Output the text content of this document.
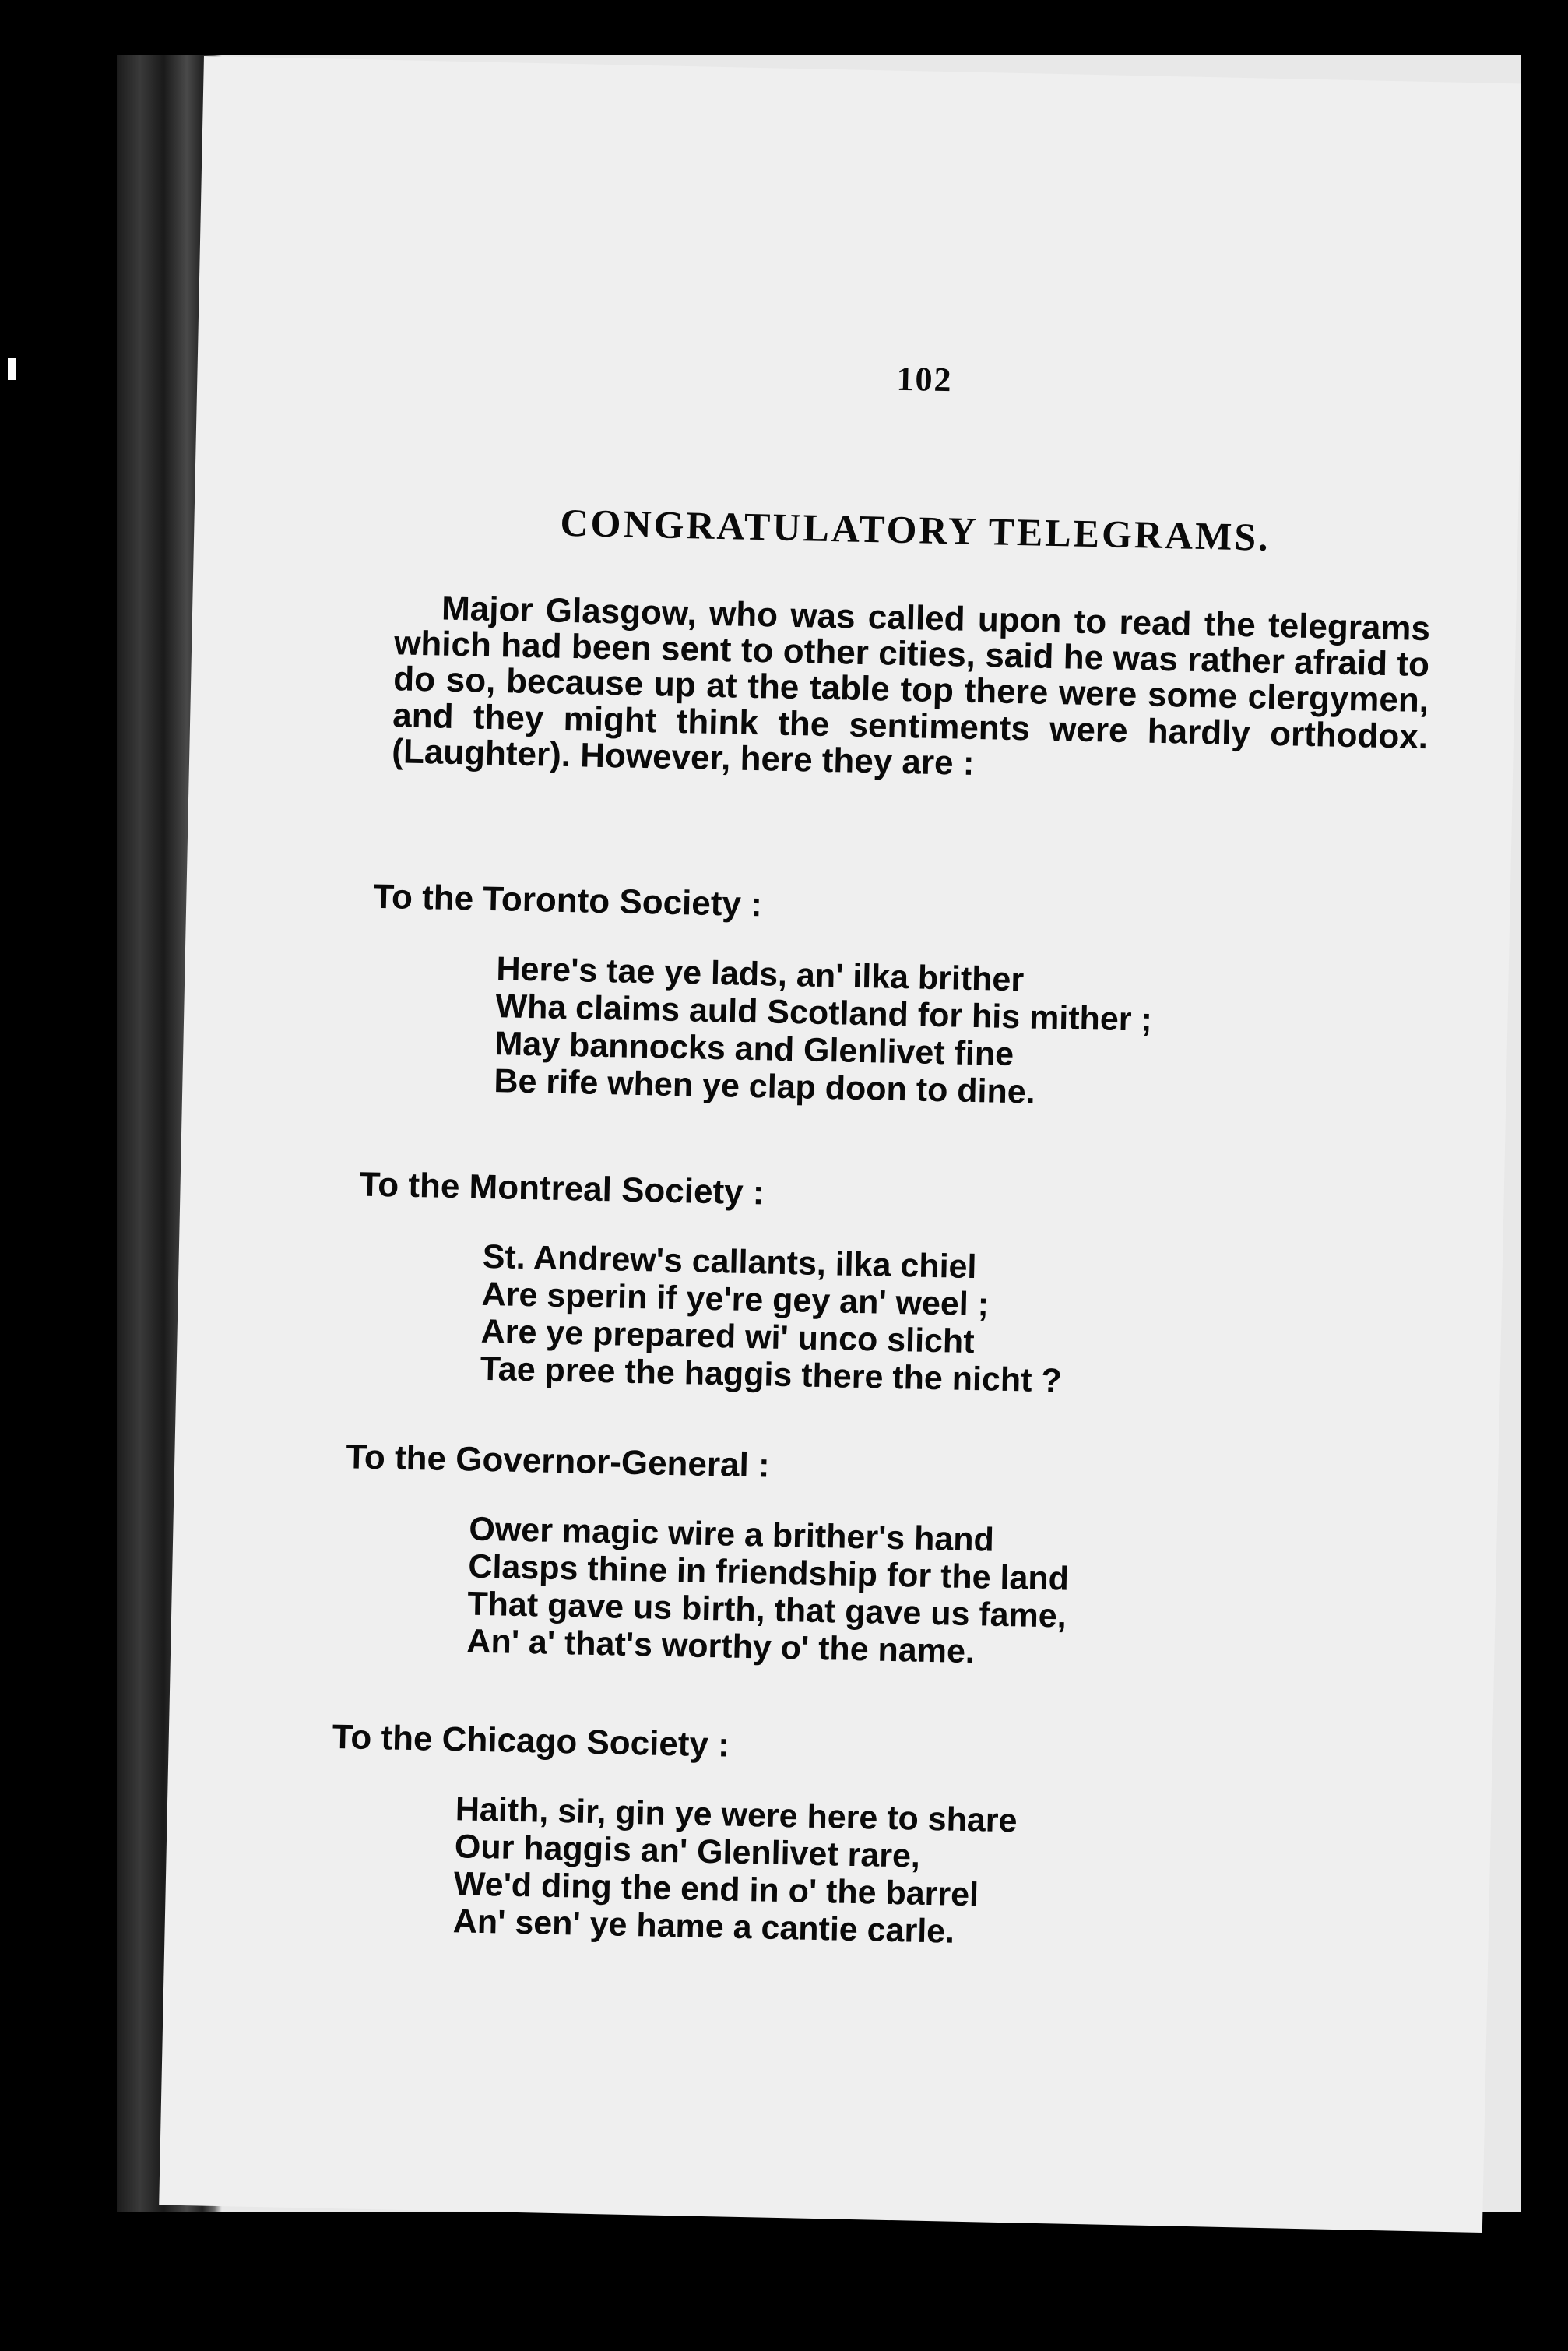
102
CONGRATULATORY TELEGRAMS.
Major Glasgow, who was called upon to read the telegrams which had been sent to other cities, said he was rather afraid to do so, because up at the table top there were some clergymen, and they might think the sentiments were hardly orthodox. (Laughter). However, here they are :
To the Toronto Society :
Here's tae ye lads, an' ilka brither
Wha claims auld Scotland for his mither ;
May bannocks and Glenlivet fine
Be rife when ye clap doon to dine.
To the Montreal Society :
St. Andrew's callants, ilka chiel
Are sperin if ye're gey an' weel ;
Are ye prepared wi' unco slicht
Tae pree the haggis there the nicht ?
To the Governor-General :
Ower magic wire a brither's hand
Clasps thine in friendship for the land
That gave us birth, that gave us fame,
An' a' that's worthy o' the name.
To the Chicago Society :
Haith, sir, gin ye were here to share
Our haggis an' Glenlivet rare,
We'd ding the end in o' the barrel
An' sen' ye hame a cantie carle.
